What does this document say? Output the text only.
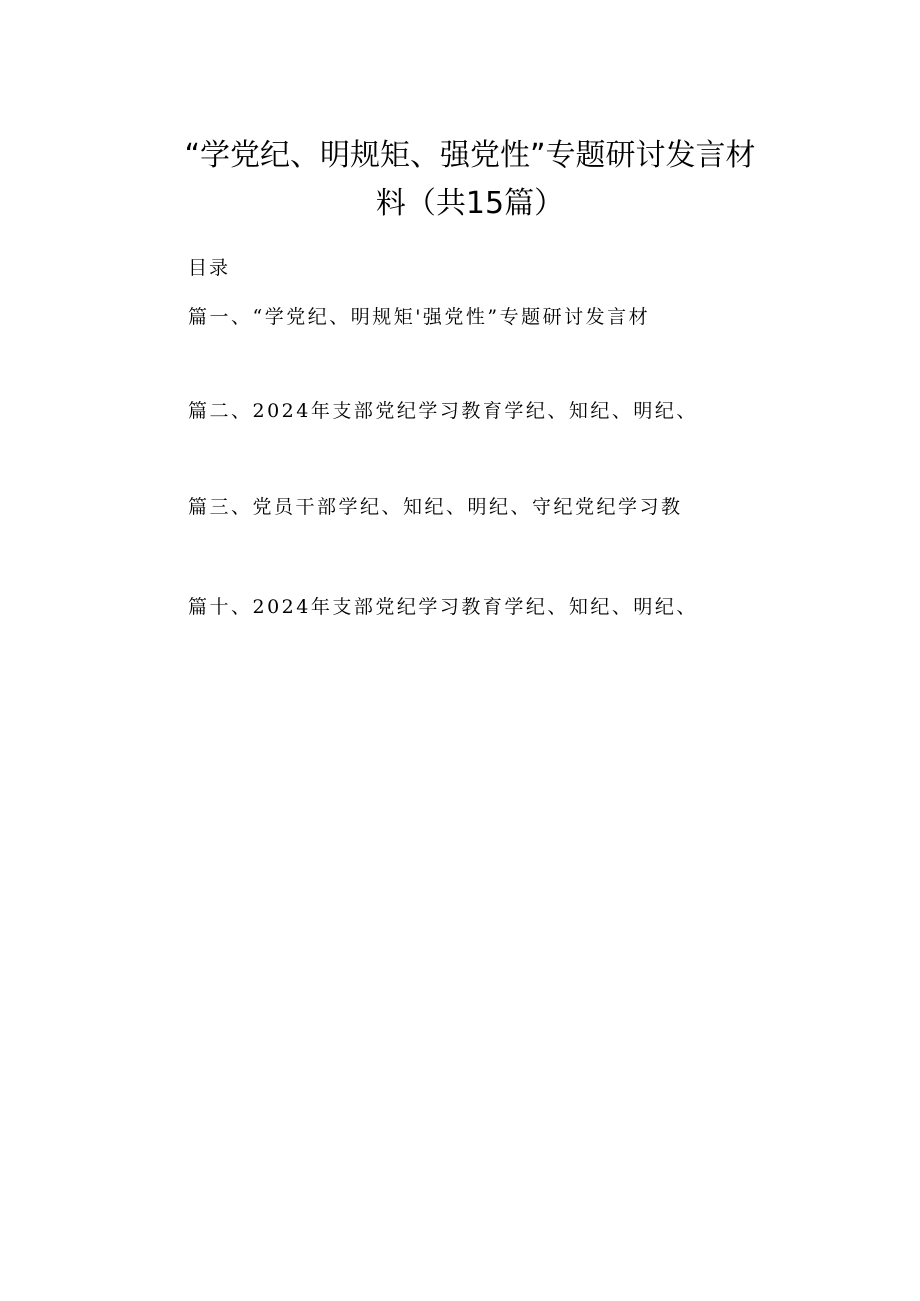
“学党纪、明规矩、强党性”专题研讨发言材
料（共15篇）

目录

篇一、“学党纪、明规矩'强党性”专题研讨发言材

篇二、2024年支部党纪学习教育学纪、知纪、明纪、

篇三、党员干部学纪、知纪、明纪、守纪党纪学习教

篇十、2024年支部党纪学习教育学纪、知纪、明纪、
